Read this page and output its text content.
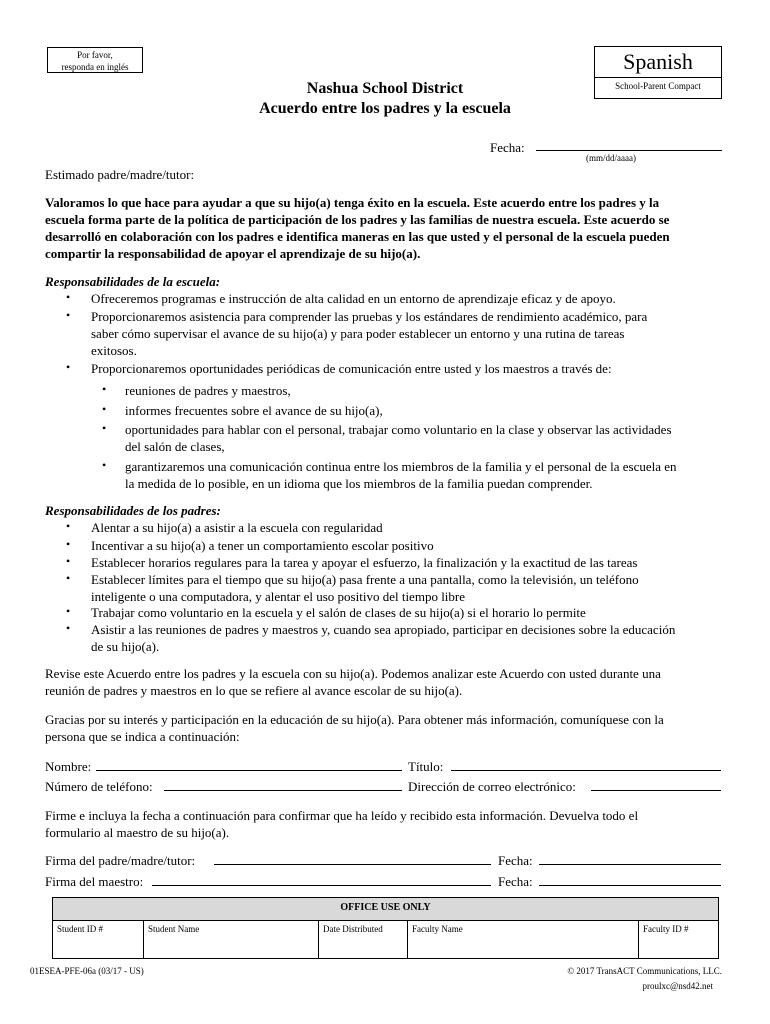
Por favor,
responda en inglés	Spanish
School-Parent Compact
Nashua School District
Acuerdo entre los padres y la escuela
Fecha:
(mm/dd/aaaa)
Estimado padre/madre/tutor:
Valoramos lo que hace para ayudar a que su hijo(a) tenga éxito en la escuela. Este acuerdo entre los padres y la
escuela forma parte de la política de participación de los padres y las familias de nuestra escuela. Este acuerdo se
desarrolló en colaboración con los padres e identifica maneras en las que usted y el personal de la escuela pueden
compartir la responsabilidad de apoyar el aprendizaje de su hijo(a).
Responsabilidades de la escuela:
• Ofreceremos programas e instrucción de alta calidad en un entorno de aprendizaje eficaz y de apoyo.
• Proporcionaremos asistencia para comprender las pruebas y los estándares de rendimiento académico, para
saber cómo supervisar el avance de su hijo(a) y para poder establecer un entorno y una rutina de tareas
exitosos.
• Proporcionaremos oportunidades periódicas de comunicación entre usted y los maestros a través de:
• reuniones de padres y maestros,
• informes frecuentes sobre el avance de su hijo(a),
• oportunidades para hablar con el personal, trabajar como voluntario en la clase y observar las actividades
del salón de clases,
• garantizaremos una comunicación continua entre los miembros de la familia y el personal de la escuela en
la medida de lo posible, en un idioma que los miembros de la familia puedan comprender.
Responsabilidades de los padres:
• Alentar a su hijo(a) a asistir a la escuela con regularidad
• Incentivar a su hijo(a) a tener un comportamiento escolar positivo
• Establecer horarios regulares para la tarea y apoyar el esfuerzo, la finalización y la exactitud de las tareas
• Establecer límites para el tiempo que su hijo(a) pasa frente a una pantalla, como la televisión, un teléfono
inteligente o una computadora, y alentar el uso positivo del tiempo libre
• Trabajar como voluntario en la escuela y el salón de clases de su hijo(a) si el horario lo permite
• Asistir a las reuniones de padres y maestros y, cuando sea apropiado, participar en decisiones sobre la educación
de su hijo(a).
Revise este Acuerdo entre los padres y la escuela con su hijo(a). Podemos analizar este Acuerdo con usted durante una
reunión de padres y maestros en lo que se refiere al avance escolar de su hijo(a).
Gracias por su interés y participación en la educación de su hijo(a). Para obtener más información, comuníquese con la
persona que se indica a continuación:
Nombre:	Título:
Número de teléfono:	Dirección de correo electrónico:
Firme e incluya la fecha a continuación para confirmar que ha leído y recibido esta información. Devuelva todo el
formulario al maestro de su hijo(a).
Firma del padre/madre/tutor:	Fecha:
Firma del maestro:	Fecha:
OFFICE USE ONLY
Student ID #	Student Name	Date Distributed	Faculty Name	Faculty ID #
01ESEA-PFE-06a (03/17 - US)	© 2017 TransACT Communications, LLC.
proulxc@nsd42.net
